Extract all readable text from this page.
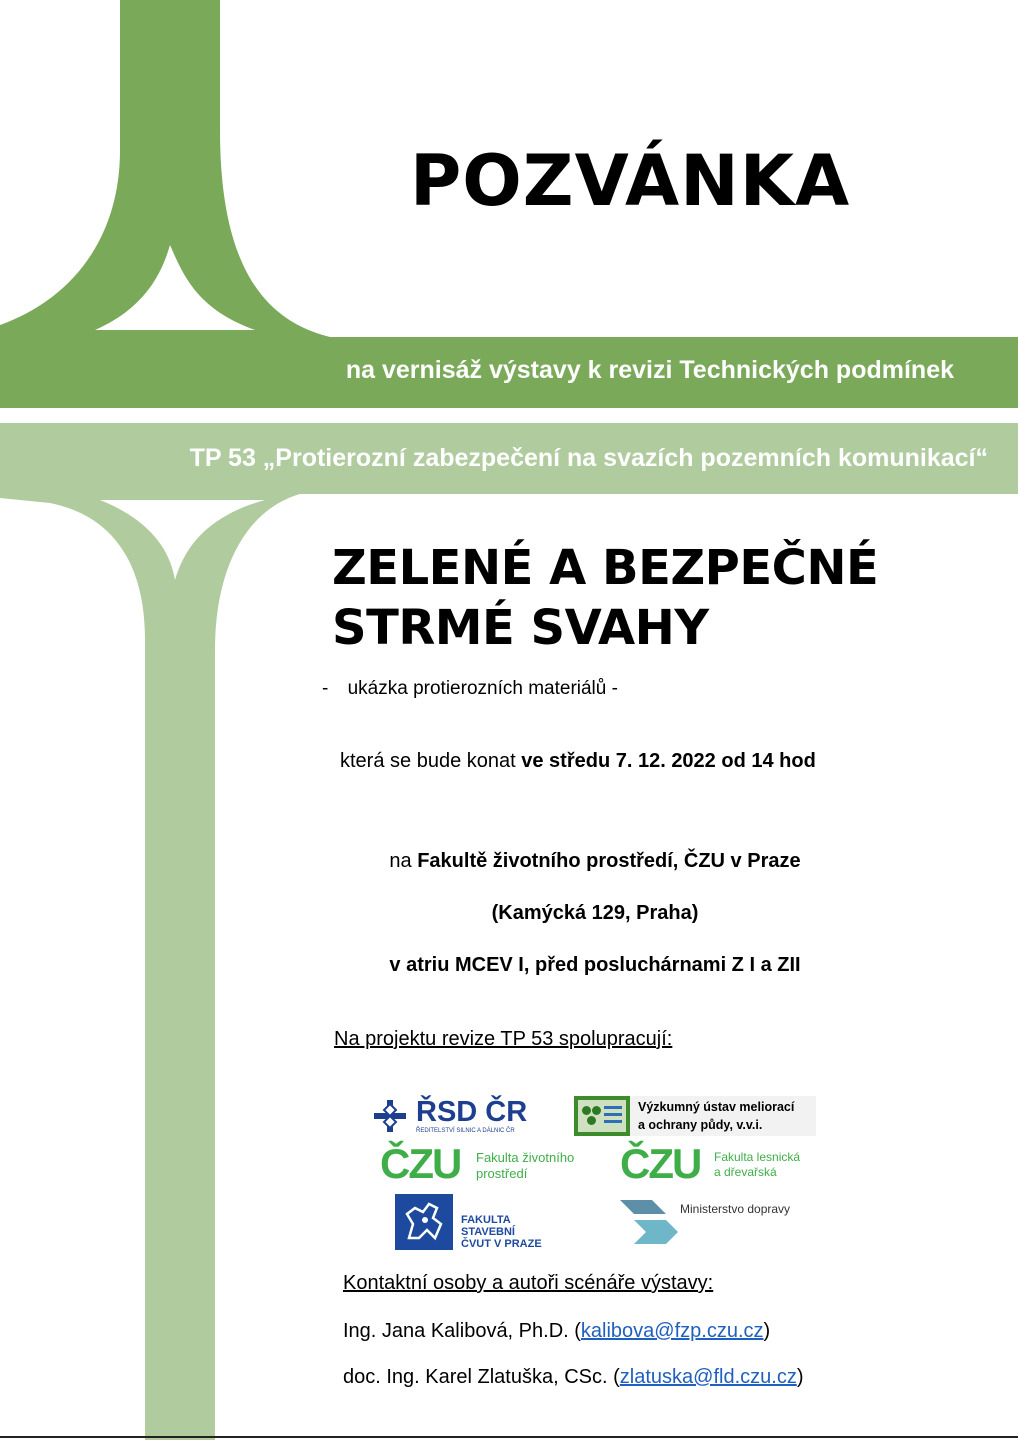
POZVÁNKA
na vernisáž výstavy k revizi Technických podmínek
TP 53 „Protierozní zabezpečení na svazích pozemních komunikací“
ZELENÉ A BEZPEČNÉ
STRMÉ SVAHY
- ukázka protierozních materiálů -
která se bude konat ve středu 7. 12. 2022 od 14 hod
na Fakultě životního prostředí, ČZU v Praze
(Kamýcká 129, Praha)
v atriu MCEV I, před posluchárnami Z I a ZII
Na projektu revize TP 53 spolupracují:
ŘSD ČR
ŘEDITELSTVÍ SILNIC A DÁLNIC ČR
Výzkumný ústav meliorací
a ochrany půdy, v.v.i.
ČZU Fakulta životního
prostředí ČZU Fakulta lesnická
a dřevařská
FAKULTA
STAVEBNÍ
ČVUT V PRAZE
Ministerstvo dopravy
Kontaktní osoby a autoři scénáře výstavy:
Ing. Jana Kalibová, Ph.D. (kalibova@fzp.czu.cz)
doc. Ing. Karel Zlatuška, CSc. (zlatuska@fld.czu.cz)
